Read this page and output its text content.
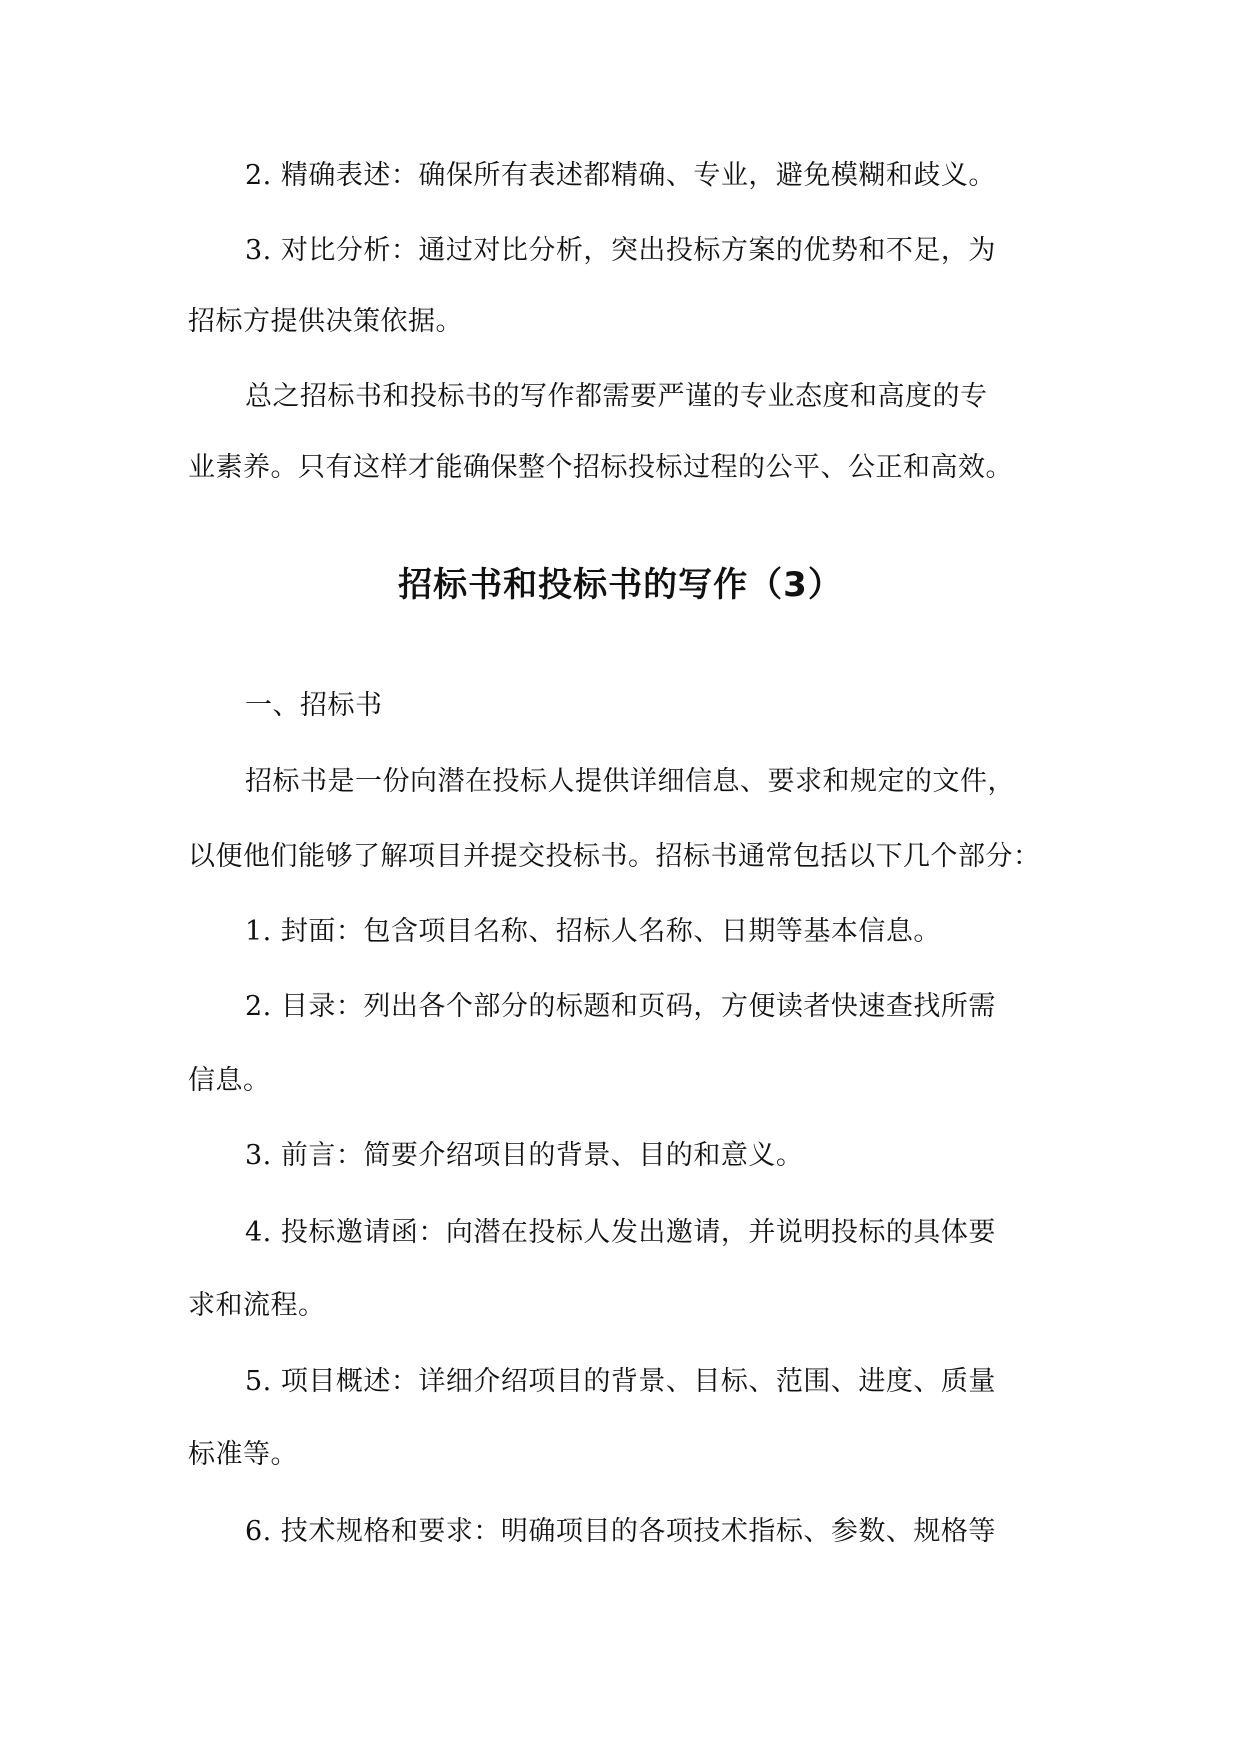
2. 精确表述：确保所有表述都精确、专业，避免模糊和歧义。
3. 对比分析：通过对比分析，突出投标方案的优势和不足，为
招标方提供决策依据。
总之招标书和投标书的写作都需要严谨的专业态度和高度的专
业素养。只有这样才能确保整个招标投标过程的公平、公正和高效。
招标书和投标书的写作（3）
一、招标书
招标书是一份向潜在投标人提供详细信息、要求和规定的文件，
以便他们能够了解项目并提交投标书。招标书通常包括以下几个部分：
1. 封面：包含项目名称、招标人名称、日期等基本信息。
2. 目录：列出各个部分的标题和页码，方便读者快速查找所需
信息。
3. 前言：简要介绍项目的背景、目的和意义。
4. 投标邀请函：向潜在投标人发出邀请，并说明投标的具体要
求和流程。
5. 项目概述：详细介绍项目的背景、目标、范围、进度、质量
标准等。
6. 技术规格和要求：明确项目的各项技术指标、参数、规格等
